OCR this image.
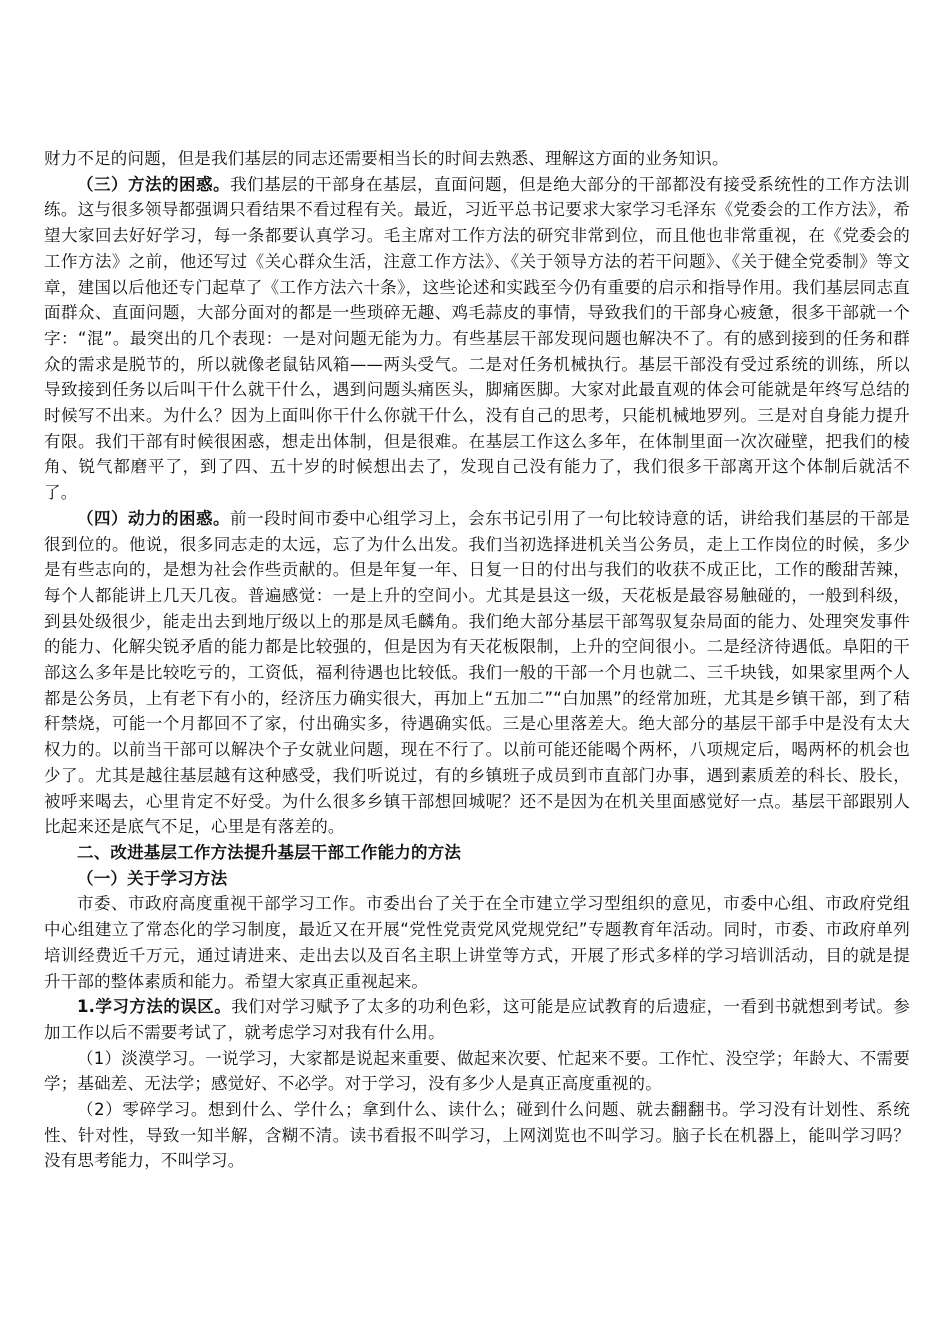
财力不足的问题，但是我们基层的同志还需要相当长的时间去熟悉、理解这方面的业务知识。

（三）方法的困惑。我们基层的干部身在基层，直面问题，但是绝大部分的干部都没有接受系统性的工作方法训练。这与很多领导都强调只看结果不看过程有关。最近，习近平总书记要求大家学习毛泽东《党委会的工作方法》，希望大家回去好好学习，每一条都要认真学习。毛主席对工作方法的研究非常到位，而且他也非常重视，在《党委会的工作方法》之前，他还写过《关心群众生活，注意工作方法》、《关于领导方法的若干问题》、《关于健全党委制》等文章，建国以后他还专门起草了《工作方法六十条》，这些论述和实践至今仍有重要的启示和指导作用。我们基层同志直面群众、直面问题，大部分面对的都是一些琐碎无趣、鸡毛蒜皮的事情，导致我们的干部身心疲惫，很多干部就一个字：“混”。最突出的几个表现：一是对问题无能为力。有些基层干部发现问题也解决不了。有的感到接到的任务和群众的需求是脱节的，所以就像老鼠钻风箱——两头受气。二是对任务机械执行。基层干部没有受过系统的训练，所以导致接到任务以后叫干什么就干什么，遇到问题头痛医头，脚痛医脚。大家对此最直观的体会可能就是年终写总结的时候写不出来。为什么？因为上面叫你干什么你就干什么，没有自己的思考，只能机械地罗列。三是对自身能力提升有限。我们干部有时候很困惑，想走出体制，但是很难。在基层工作这么多年，在体制里面一次次碰壁，把我们的棱角、锐气都磨平了，到了四、五十岁的时候想出去了，发现自己没有能力了，我们很多干部离开这个体制后就活不了。

（四）动力的困惑。前一段时间市委中心组学习上，会东书记引用了一句比较诗意的话，讲给我们基层的干部是很到位的。他说，很多同志走的太远，忘了为什么出发。我们当初选择进机关当公务员，走上工作岗位的时候，多少是有些志向的，是想为社会作些贡献的。但是年复一年、日复一日的付出与我们的收获不成正比，工作的酸甜苦辣，每个人都能讲上几天几夜。普遍感觉：一是上升的空间小。尤其是县这一级，天花板是最容易触碰的，一般到科级，到县处级很少，能走出去到地厅级以上的那是凤毛麟角。我们绝大部分基层干部驾驭复杂局面的能力、处理突发事件的能力、化解尖锐矛盾的能力都是比较强的，但是因为有天花板限制，上升的空间很小。二是经济待遇低。阜阳的干部这么多年是比较吃亏的，工资低，福利待遇也比较低。我们一般的干部一个月也就二、三千块钱，如果家里两个人都是公务员，上有老下有小的，经济压力确实很大，再加上“五加二”“白加黑”的经常加班，尤其是乡镇干部，到了秸秆禁烧，可能一个月都回不了家，付出确实多，待遇确实低。三是心里落差大。绝大部分的基层干部手中是没有太大权力的。以前当干部可以解决个子女就业问题，现在不行了。以前可能还能喝个两杯，八项规定后，喝两杯的机会也少了。尤其是越往基层越有这种感受，我们听说过，有的乡镇班子成员到市直部门办事，遇到素质差的科长、股长，被呼来喝去，心里肯定不好受。为什么很多乡镇干部想回城呢？还不是因为在机关里面感觉好一点。基层干部跟别人比起来还是底气不足，心里是有落差的。

二、改进基层工作方法提升基层干部工作能力的方法

（一）关于学习方法

市委、市政府高度重视干部学习工作。市委出台了关于在全市建立学习型组织的意见，市委中心组、市政府党组中心组建立了常态化的学习制度，最近又在开展“党性党责党风党规党纪”专题教育年活动。同时，市委、市政府单列培训经费近千万元，通过请进来、走出去以及百名主职上讲堂等方式，开展了形式多样的学习培训活动，目的就是提升干部的整体素质和能力。希望大家真正重视起来。

1.学习方法的误区。我们对学习赋予了太多的功利色彩，这可能是应试教育的后遗症，一看到书就想到考试。参加工作以后不需要考试了，就考虑学习对我有什么用。

（1）淡漠学习。一说学习，大家都是说起来重要、做起来次要、忙起来不要。工作忙、没空学；年龄大、不需要学；基础差、无法学；感觉好、不必学。对于学习，没有多少人是真正高度重视的。

（2）零碎学习。想到什么、学什么；拿到什么、读什么；碰到什么问题、就去翻翻书。学习没有计划性、系统性、针对性，导致一知半解，含糊不清。读书看报不叫学习，上网浏览也不叫学习。脑子长在机器上，能叫学习吗？没有思考能力，不叫学习。
